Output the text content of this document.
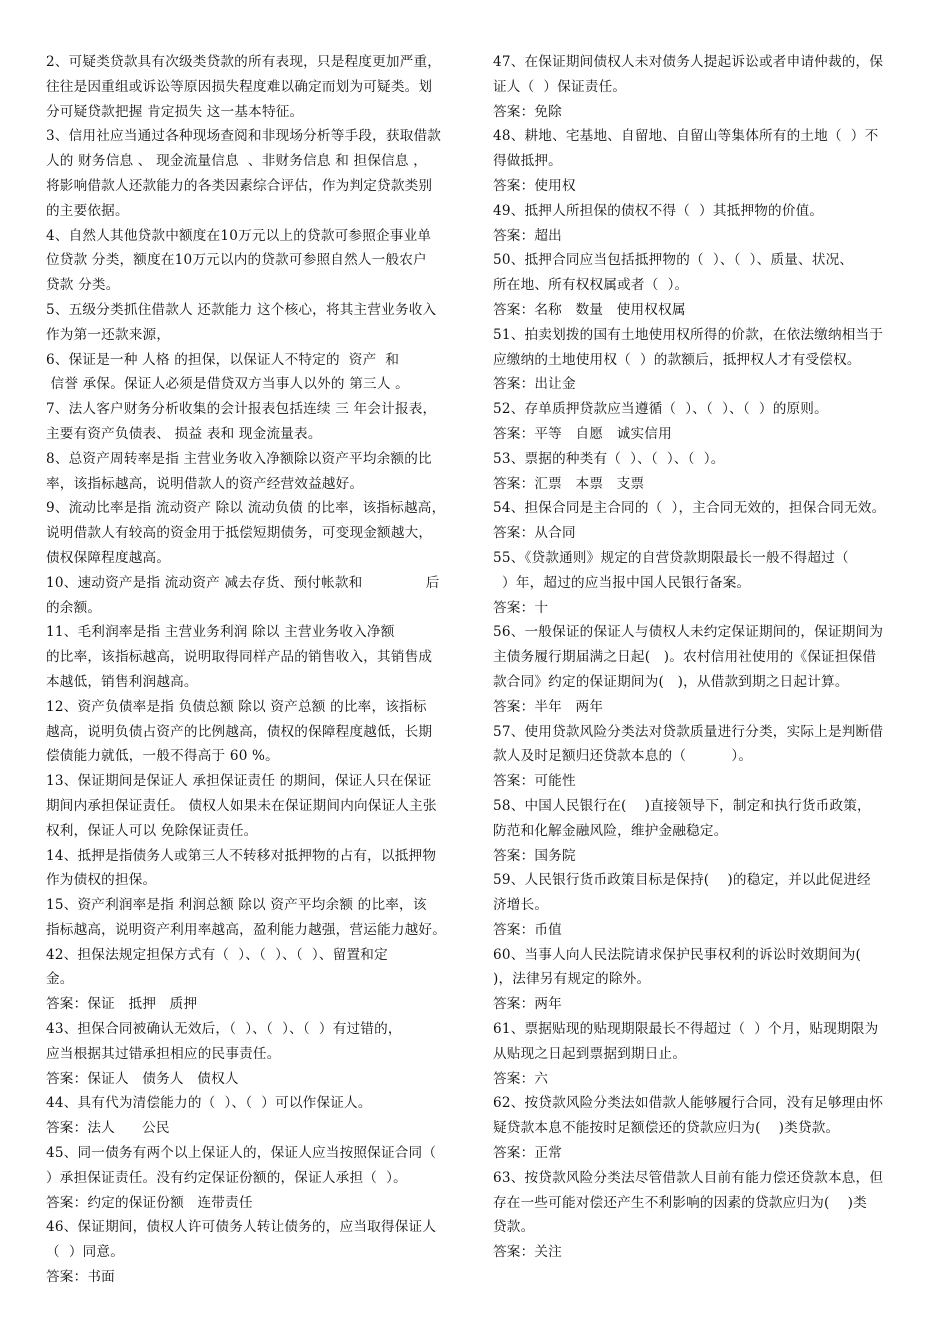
2、可疑类贷款具有次级类贷款的所有表现，只是程度更加严重，
往往是因重组或诉讼等原因损失程度难以确定而划为可疑类。划
分可疑贷款把握 肯定损失 这一基本特征。
3、信用社应当通过各种现场查阅和非现场分析等手段，获取借款
人的 财务信息 、 现金流量信息  、非财务信息 和 担保信息 ，
将影响借款人还款能力的各类因素综合评估，作为判定贷款类别
的主要依据。
4、自然人其他贷款中额度在10万元以上的贷款可参照企事业单
位贷款 分类，额度在10万元以内的贷款可参照自然人一般农户
贷款 分类。
5、五级分类抓住借款人 还款能力 这个核心，将其主营业务收入
作为第一还款来源，
6、保证是一种 人格 的担保，以保证人不特定的  资产  和
信誉 承保。保证人必须是借贷双方当事人以外的 第三人 。
7、法人客户财务分析收集的会计报表包括连续 三 年会计报表，
主要有资产负债表、 损益 表和 现金流量表。
8、总资产周转率是指 主营业务收入净额除以资产平均余额的比
率，该指标越高，说明借款人的资产经营效益越好。
9、流动比率是指 流动资产 除以 流动负债 的比率，该指标越高，
说明借款人有较高的资金用于抵偿短期债务，可变现金额越大，
债权保障程度越高。
10、速动资产是指 流动资产 减去存货、预付帐款和              后
的余额。
11、毛利润率是指 主营业务利润 除以 主营业务收入净额
的比率，该指标越高，说明取得同样产品的销售收入，其销售成
本越低，销售利润越高。
12、资产负债率是指 负债总额 除以 资产总额 的比率，该指标
越高，说明负债占资产的比例越高，债权的保障程度越低，长期
偿债能力就低，一般不得高于 60 %。
13、保证期间是保证人 承担保证责任 的期间，保证人只在保证
期间内承担保证责任。 债权人如果未在保证期间内向保证人主张
权利，保证人可以 免除保证责任。
14、抵押是指债务人或第三人不转移对抵押物的占有，以抵押物
作为债权的担保。
15、资产利润率是指 利润总额 除以 资产平均余额 的比率，该
指标越高，说明资产利用率越高，盈利能力越强，营运能力越好。
42、担保法规定担保方式有（  ）、（  ）、（  ）、留置和定
金。
答案：保证   抵押   质押
43、担保合同被确认无效后，（  ）、（  ）、（  ）有过错的，
应当根据其过错承担相应的民事责任。
答案：保证人   债务人   债权人
44、具有代为清偿能力的（  ）、（  ）可以作保证人。
答案：法人      公民
45、同一债务有两个以上保证人的，保证人应当按照保证合同（
）承担保证责任。没有约定保证份额的，保证人承担（  ）。
答案：约定的保证份额   连带责任
46、保证期间，债权人许可债务人转让债务的，应当取得保证人
（  ）同意。
答案：书面
47、在保证期间债权人未对债务人提起诉讼或者申请仲裁的，保
证人（  ）保证责任。
答案：免除
48、耕地、宅基地、自留地、自留山等集体所有的土地（  ）不
得做抵押。
答案：使用权
49、抵押人所担保的债权不得（  ）其抵押物的价值。
答案：超出
50、抵押合同应当包括抵押物的（  ）、（  ）、质量、状况、
所在地、所有权权属或者（  ）。
答案：名称   数量   使用权权属
51、拍卖划拨的国有土地使用权所得的价款，在依法缴纳相当于
应缴纳的土地使用权（  ）的款额后，抵押权人才有受偿权。
答案：出让金
52、存单质押贷款应当遵循（  ）、（  ）、（  ）的原则。
答案：平等   自愿   诚实信用
53、票据的种类有（  ）、（  ）、（  ）。
答案：汇票   本票   支票
54、担保合同是主合同的（  ），主合同无效的，担保合同无效。
答案：从合同
55、《贷款通则》规定的自营贷款期限最长一般不得超过（
）年，超过的应当报中国人民银行备案。
答案：十
56、一般保证的保证人与债权人未约定保证期间的，保证期间为
主债务履行期届满之日起(   )。农村信用社使用的《保证担保借
款合同》约定的保证期间为(   )，从借款到期之日起计算。
答案：半年   两年
57、使用贷款风险分类法对贷款质量进行分类，实际上是判断借
款人及时足额归还贷款本息的（          ）。
答案：可能性
58、中国人民银行在(    )直接领导下，制定和执行货币政策，
防范和化解金融风险，维护金融稳定。
答案：国务院
59、人民银行货币政策目标是保持(    )的稳定，并以此促进经
济增长。
答案：币值
60、当事人向人民法院请求保护民事权利的诉讼时效期间为(
)，法律另有规定的除外。
答案：两年
61、票据贴现的贴现期限最长不得超过（  ）个月，贴现期限为
从贴现之日起到票据到期日止。
答案：六
62、按贷款风险分类法如借款人能够履行合同，没有足够理由怀
疑贷款本息不能按时足额偿还的贷款应归为(    )类贷款。
答案：正常
63、按贷款风险分类法尽管借款人目前有能力偿还贷款本息，但
存在一些可能对偿还产生不利影响的因素的贷款应归为(    )类
贷款。
答案：关注
